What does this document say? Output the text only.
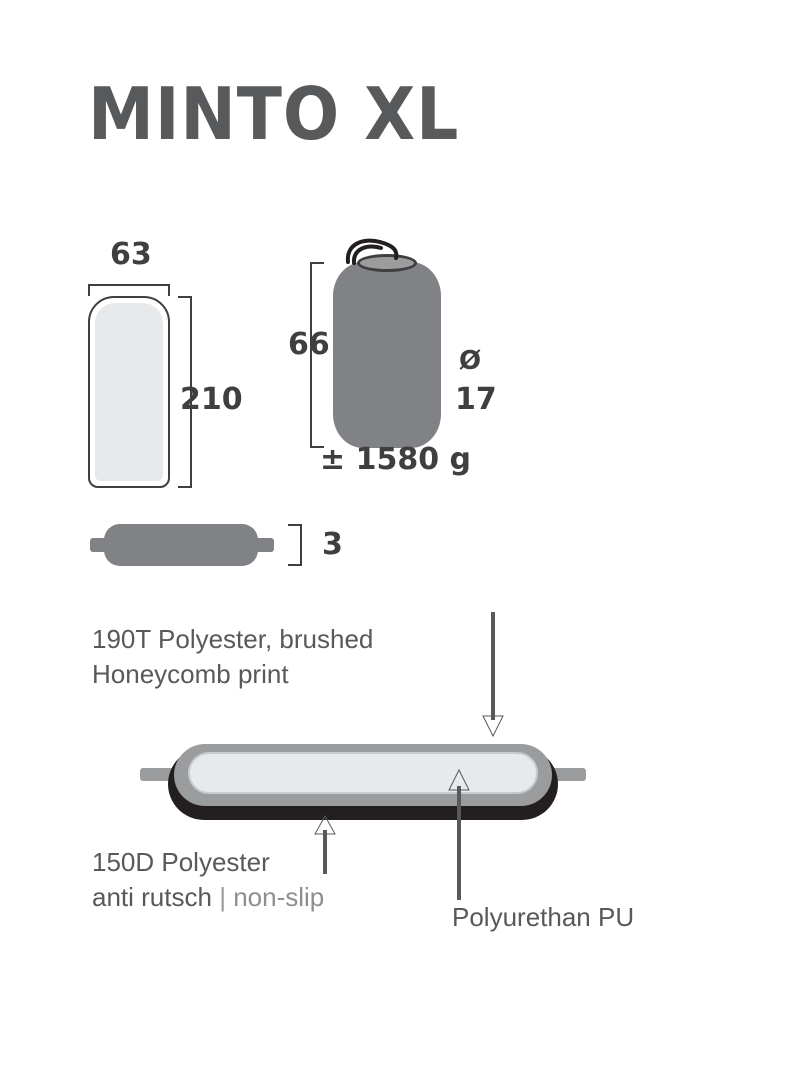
MINTO XL
63
210
66	Ø
17
± 1580 g
3
190T Polyester, brushed
Honeycomb print
150D Polyester
anti rutsch | non-slip
Polyurethan PU
